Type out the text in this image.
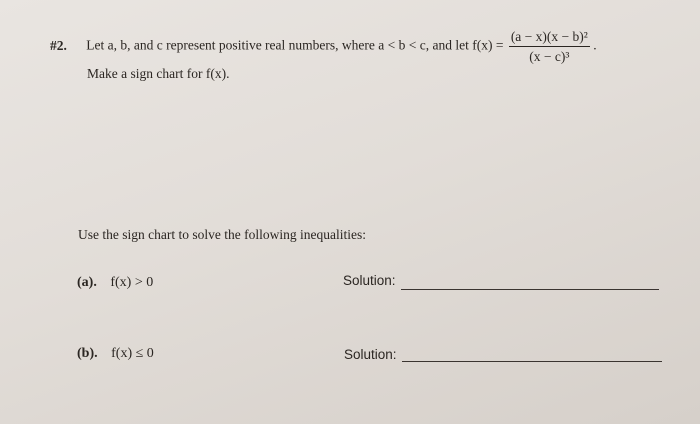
#2. Let a, b, and c represent positive real numbers, where a < b < c, and let $f(x) = \frac{\text{(a − x)(x − b)²}}{\text{(x − c)³}}$ .
Make a sign chart for f(x).
Use the sign chart to solve the following inequalities:
(a). f(x) > 0	Solution:
(b). f(x) ≤ 0	Solution:
